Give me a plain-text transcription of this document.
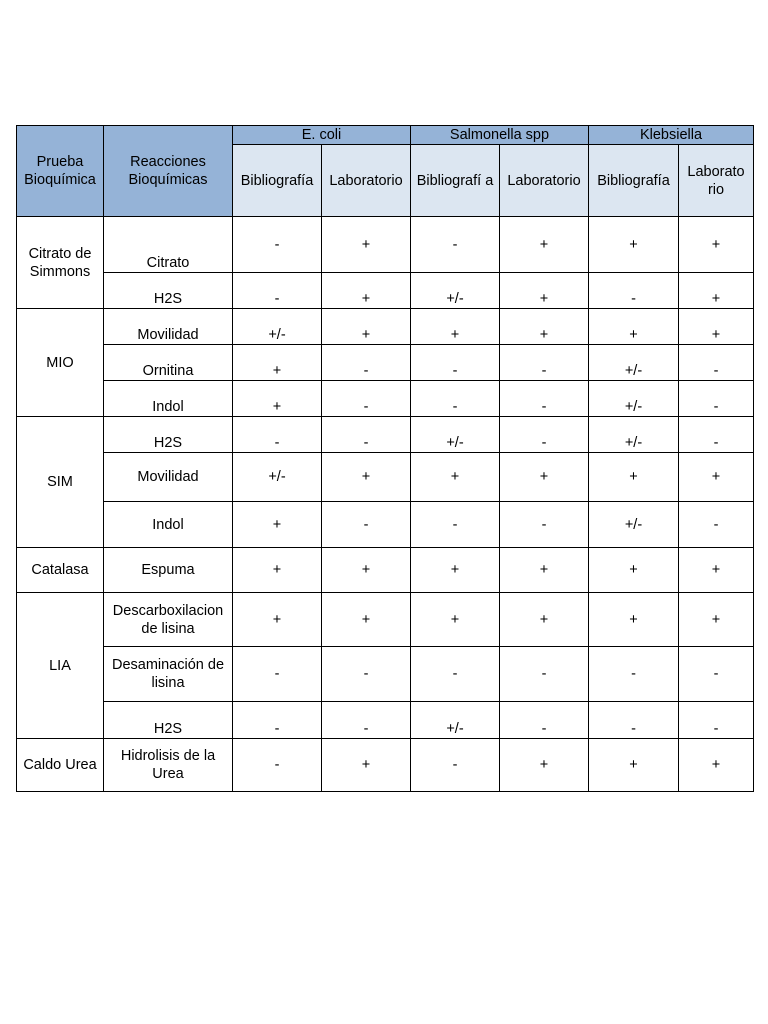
Prueba Bioquímica	Reacciones Bioquímicas	E. coli		Salmonella spp		Klebsiella	
		Bibliografía	Laboratorio	Bibliografí a	Laboratorio	Bibliografía	Laborato rio
Citrato de Simmons	Citrato	-	+	-	+	+	+
	H2S	-	+	+/-	+	-	+
MIO	Movilidad	+/-	+	+	+	+	+
	Ornitina	+	-	-	-	+/-	-
	Indol	+	-	-	-	+/-	-
SIM	H2S	-	-	+/-	-	+/-	-
	Movilidad	+/-	+	+	+	+	+
	Indol	+	-	-	-	+/-	-
Catalasa	Espuma	+	+	+	+	+	+
LIA	Descarboxilacion de lisina	+	+	+	+	+	+
	Desaminación de lisina	-	-	-	-	-	-
	H2S	-	-	+/-	-	-	-
Caldo Urea	Hidrolisis de la Urea	-	+	-	+	+	+
